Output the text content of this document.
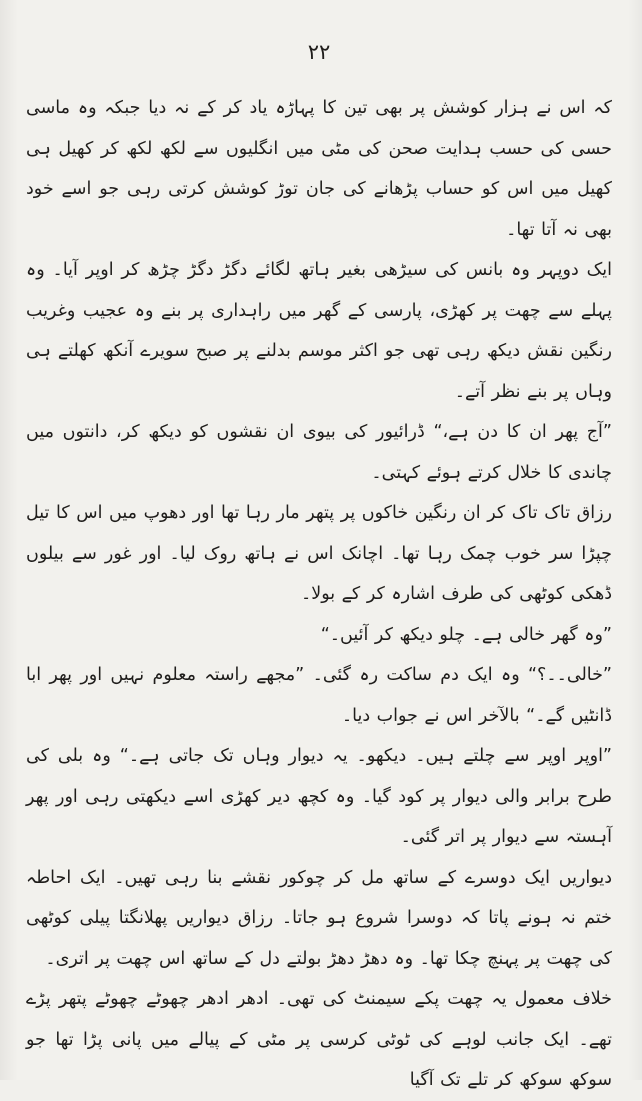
۲۲

کہ اس نے ہزار کوشش پر بھی تین کا پہاڑہ یاد کر کے نہ دیا جبکہ وہ ماسی حسی کی حسب ہدایت صحن کی مٹی میں انگلیوں سے لکھ لکھ کر کھیل ہی کھیل میں اس کو حساب پڑھانے کی جان توڑ کوشش کرتی رہی جو اسے خود بھی نہ آتا تھا۔

ایک دوپہر وہ بانس کی سیڑھی بغیر ہاتھ لگائے دگڑ دگڑ چڑھ کر اوپر آیا۔ وہ پہلے سے چھت پر کھڑی، پارسی کے گھر میں راہداری پر بنے وہ عجیب وغریب رنگین نقش دیکھ رہی تھی جو اکثر موسم بدلنے پر صبح سویرے آنکھ کھلتے ہی وہاں پر بنے نظر آتے۔

”آج پھر ان کا دن ہے،“ ڈرائیور کی بیوی ان نقشوں کو دیکھ کر، دانتوں میں چاندی کا خلال کرتے ہوئے کہتی۔

رزاق تاک تاک کر ان رنگین خاکوں پر پتھر مار رہا تھا اور دھوپ میں اس کا تیل چپڑا سر خوب چمک رہا تھا۔ اچانک اس نے ہاتھ روک لیا۔ اور غور سے بیلوں ڈھکی کوٹھی کی طرف اشارہ کر کے بولا۔

”وہ گھر خالی ہے۔ چلو دیکھ کر آئیں۔“

”خالی۔۔؟“ وہ ایک دم ساکت رہ گئی۔ ”مجھے راستہ معلوم نہیں اور پھر ابا ڈانٹیں گے۔“ بالآخر اس نے جواب دیا۔

”اوپر اوپر سے چلتے ہیں۔ دیکھو۔ یہ دیوار وہاں تک جاتی ہے۔“ وہ بلی کی طرح برابر والی دیوار پر کود گیا۔ وہ کچھ دیر کھڑی اسے دیکھتی رہی اور پھر آہستہ سے دیوار پر اتر گئی۔

دیواریں ایک دوسرے کے ساتھ مل کر چوکور نقشے بنا رہی تھیں۔ ایک احاطہ ختم نہ ہونے پاتا کہ دوسرا شروع ہو جاتا۔ رزاق دیواریں پھلانگتا پیلی کوٹھی کی چھت پر پہنچ چکا تھا۔ وہ دھڑ دھڑ بولتے دل کے ساتھ اس چھت پر اتری۔

خلاف معمول یہ چھت پکے سیمنٹ کی تھی۔ ادھر ادھر چھوٹے چھوٹے پتھر پڑے تھے۔ ایک جانب لوہے کی ٹوٹی کرسی پر مٹی کے پیالے میں پانی پڑا تھا جو سوکھ سوکھ کر تلے تک آگیا
